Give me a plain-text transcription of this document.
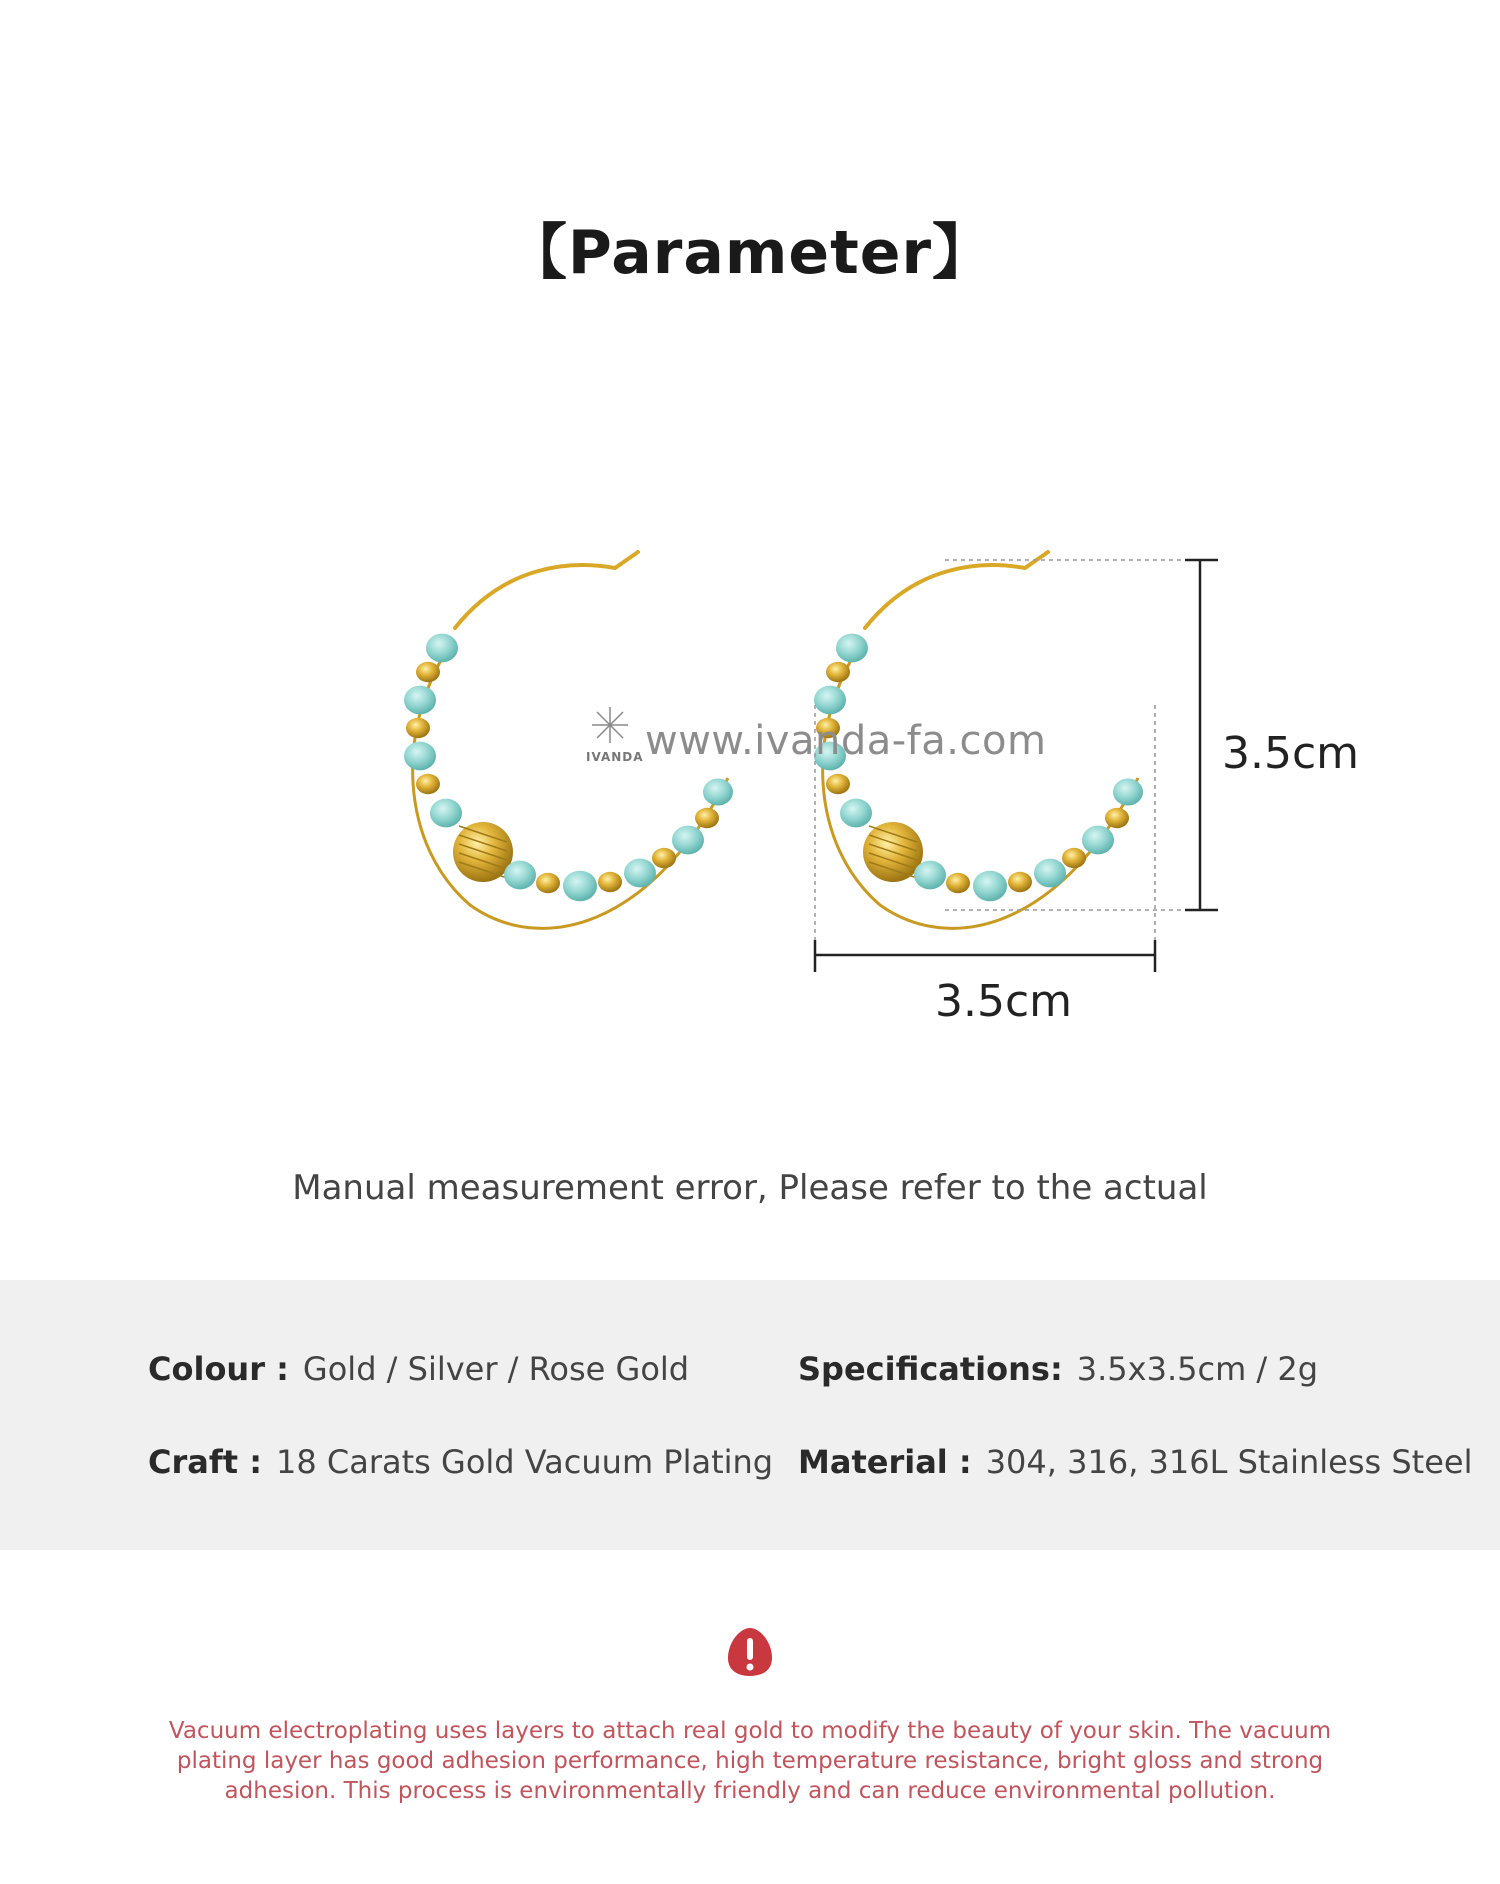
【Parameter】
IVANDA www.ivanda-fa.com	3.5cm
3.5cm
Manual measurement error, Please refer to the actual
Colour : Gold / Silver / Rose Gold	Specifications: 3.5x3.5cm / 2g
Craft : 18 Carats Gold Vacuum Plating Material : 304, 316, 316L Stainless Steel
Vacuum electroplating uses layers to attach real gold to modify the beauty of your skin. The vacuum plating layer has good adhesion performance, high temperature resistance, bright gloss and strong adhesion. This process is environmentally friendly and can reduce environmental pollution.
